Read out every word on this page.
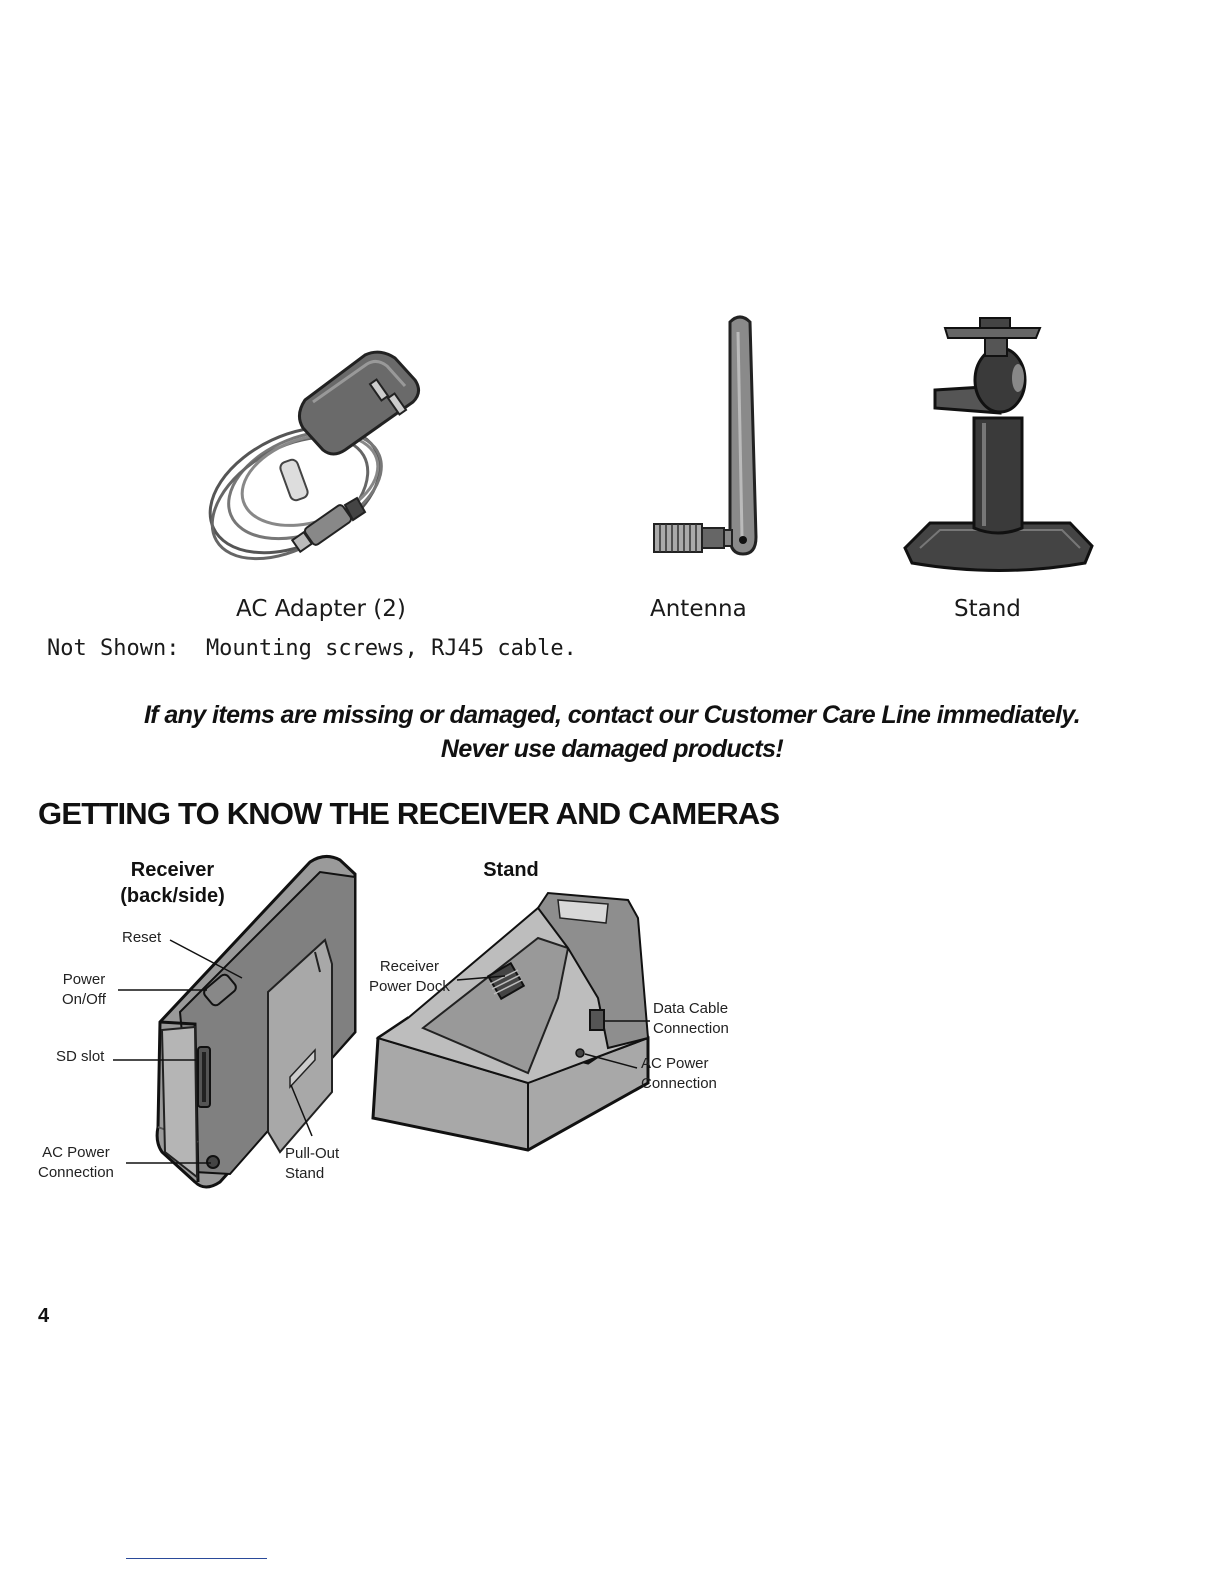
AC Adapter (2)	Antenna	Stand
Not Shown:  Mounting screws, RJ45 cable.
If any items are missing or damaged, contact our Customer Care Line immediately.
Never use damaged products!
GETTING TO KNOW THE RECEIVER AND CAMERAS
Receiver
(back/side)
Reset
Power
On/Off
SD slot
AC Power
Connection
Pull-Out
Stand
Stand
Receiver
Power Dock
Data Cable
Connection
AC Power
Connection
4
